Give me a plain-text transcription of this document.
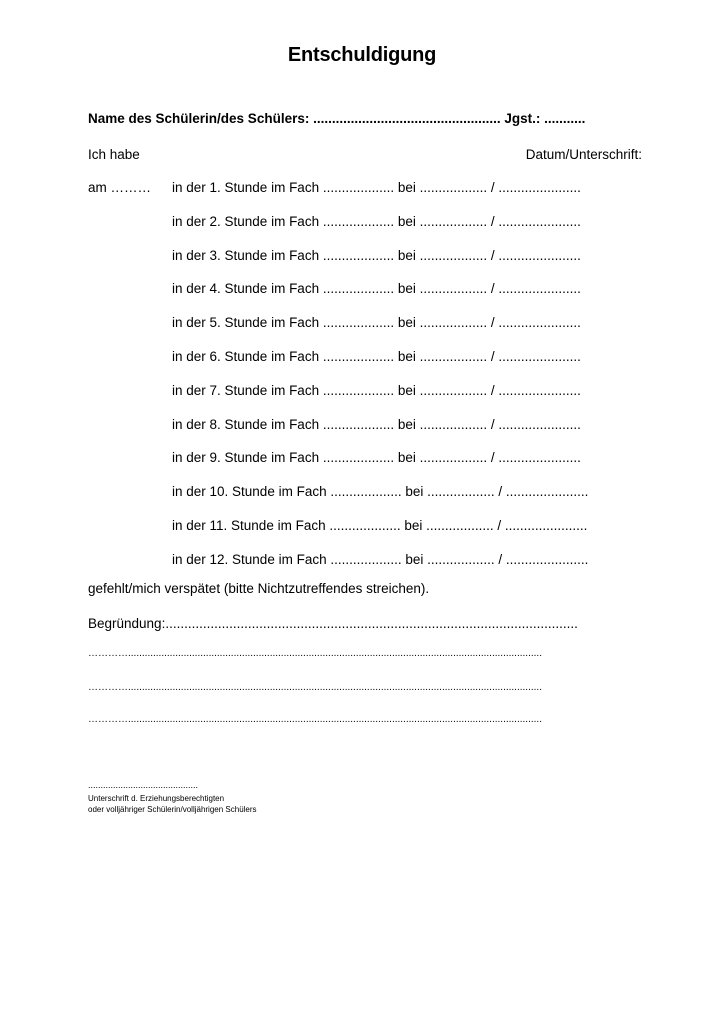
Entschuldigung
Name des Schülerin/des Schülers: .................................................. Jgst.: ...........
Ich habe	Datum/Unterschrift:
am ……… in der 1. Stunde im Fach ................... bei .................. / ......................
in der 2. Stunde im Fach ................... bei .................. / ......................
in der 3. Stunde im Fach ................... bei .................. / ......................
in der 4. Stunde im Fach ................... bei .................. / ......................
in der 5. Stunde im Fach ................... bei .................. / ......................
in der 6. Stunde im Fach ................... bei .................. / ......................
in der 7. Stunde im Fach ................... bei .................. / ......................
in der 8. Stunde im Fach ................... bei .................. / ......................
in der 9. Stunde im Fach ................... bei .................. / ......................
in der 10. Stunde im Fach ................... bei .................. / ......................
in der 11. Stunde im Fach ................... bei .................. / ......................
in der 12. Stunde im Fach ................... bei .................. / ......................
gefehlt/mich verspätet (bitte Nichtzutreffendes streichen).
Begründung:..............................................................................................................
………….....................................................................................................................................................
………….....................................................................................................................................................
………….....................................................................................................................................................
............................................
Unterschrift d. Erziehungsberechtigten
oder volljähriger Schülerin/volljährigen Schülers
